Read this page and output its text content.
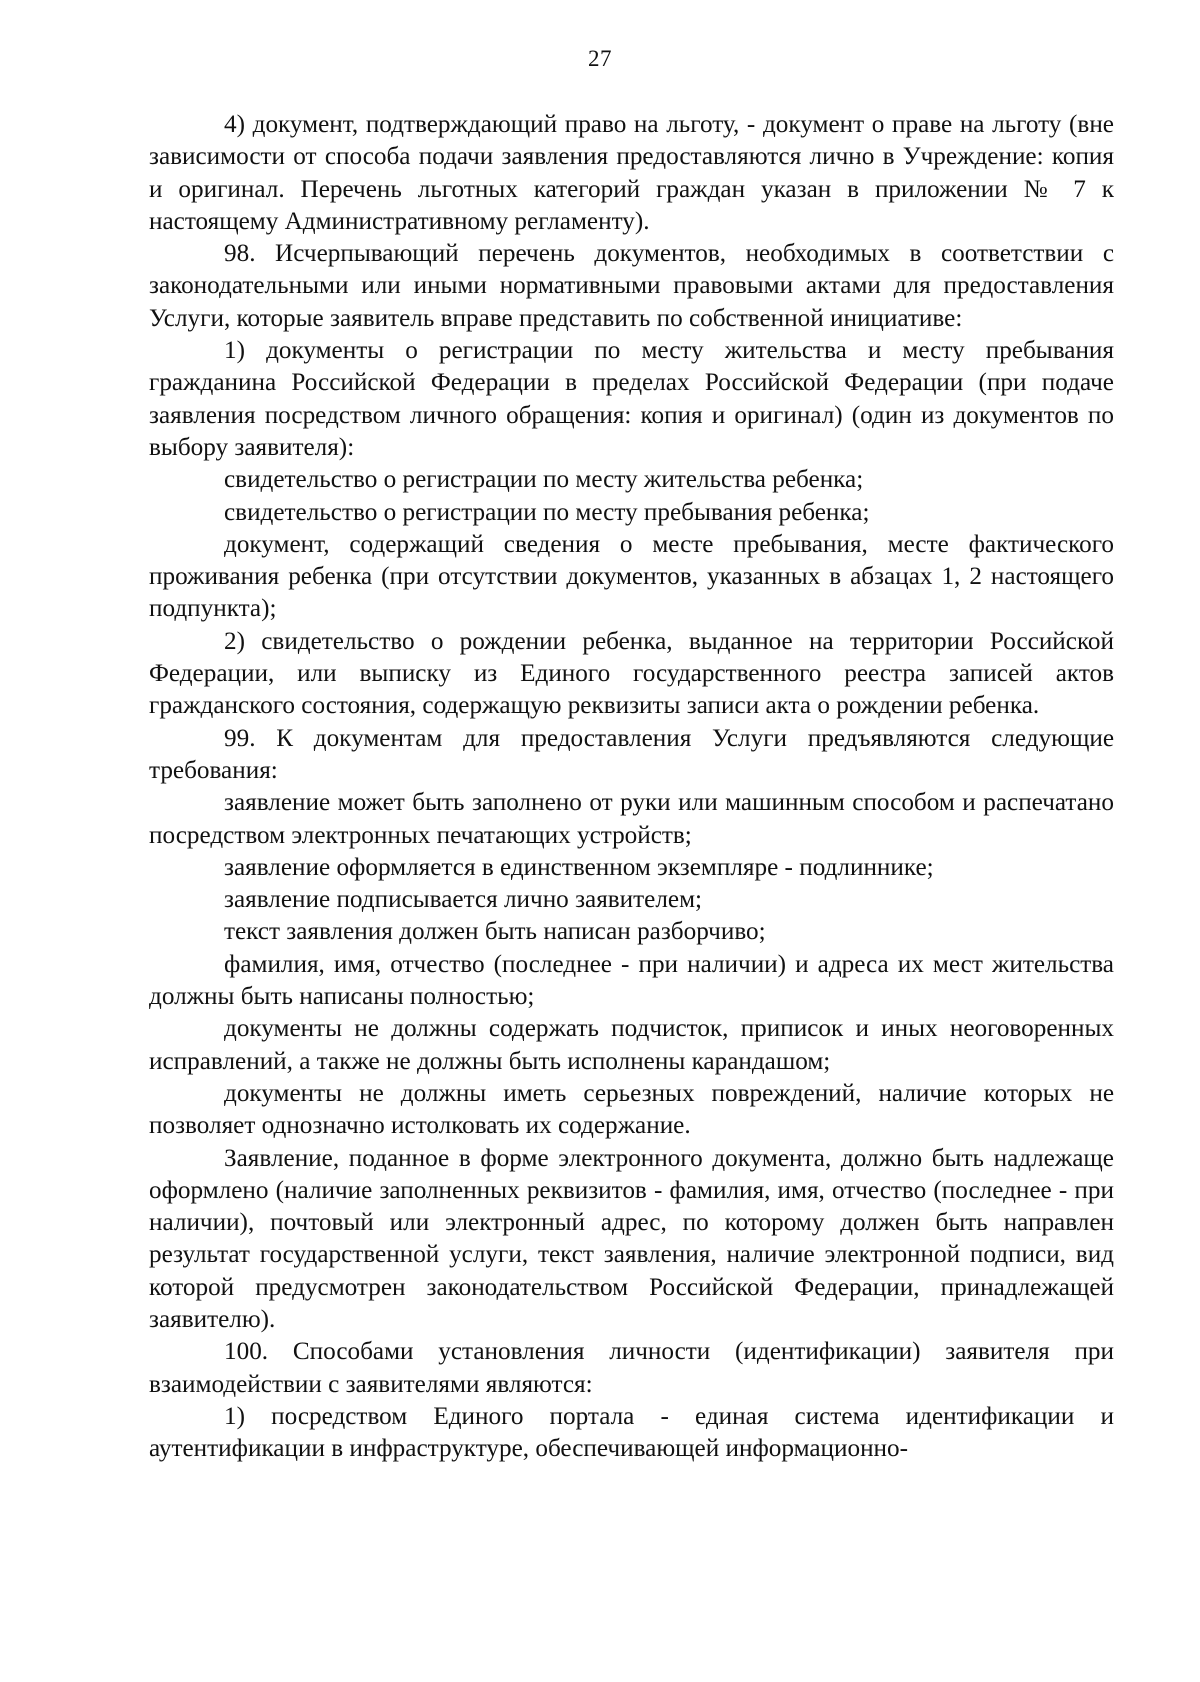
27

4) документ, подтверждающий право на льготу, - документ о праве на льготу (вне зависимости от способа подачи заявления предоставляются лично в Учреждение: копия и оригинал. Перечень льготных категорий граждан указан в приложении № 7 к настоящему Административному регламенту).

98. Исчерпывающий перечень документов, необходимых в соответствии с законодательными или иными нормативными правовыми актами для предоставления Услуги, которые заявитель вправе представить по собственной инициативе:

1) документы о регистрации по месту жительства и месту пребывания гражданина Российской Федерации в пределах Российской Федерации (при подаче заявления посредством личного обращения: копия и оригинал) (один из документов по выбору заявителя):

свидетельство о регистрации по месту жительства ребенка;

свидетельство о регистрации по месту пребывания ребенка;

документ, содержащий сведения о месте пребывания, месте фактического проживания ребенка (при отсутствии документов, указанных в абзацах 1, 2 настоящего подпункта);

2) свидетельство о рождении ребенка, выданное на территории Российской Федерации, или выписку из Единого государственного реестра записей актов гражданского состояния, содержащую реквизиты записи акта о рождении ребенка.

99. К документам для предоставления Услуги предъявляются следующие требования:

заявление может быть заполнено от руки или машинным способом и распечатано посредством электронных печатающих устройств;

заявление оформляется в единственном экземпляре - подлиннике;

заявление подписывается лично заявителем;

текст заявления должен быть написан разборчиво;

фамилия, имя, отчество (последнее - при наличии) и адреса их мест жительства должны быть написаны полностью;

документы не должны содержать подчисток, приписок и иных неоговоренных исправлений, а также не должны быть исполнены карандашом;

документы не должны иметь серьезных повреждений, наличие которых не позволяет однозначно истолковать их содержание.

Заявление, поданное в форме электронного документа, должно быть надлежаще оформлено (наличие заполненных реквизитов - фамилия, имя, отчество (последнее - при наличии), почтовый или электронный адрес, по которому должен быть направлен результат государственной услуги, текст заявления, наличие электронной подписи, вид которой предусмотрен законодательством Российской Федерации, принадлежащей заявителю).

100. Способами установления личности (идентификации) заявителя при взаимодействии с заявителями являются:

1) посредством Единого портала - единая система идентификации и аутентификации в инфраструктуре, обеспечивающей информационно-
